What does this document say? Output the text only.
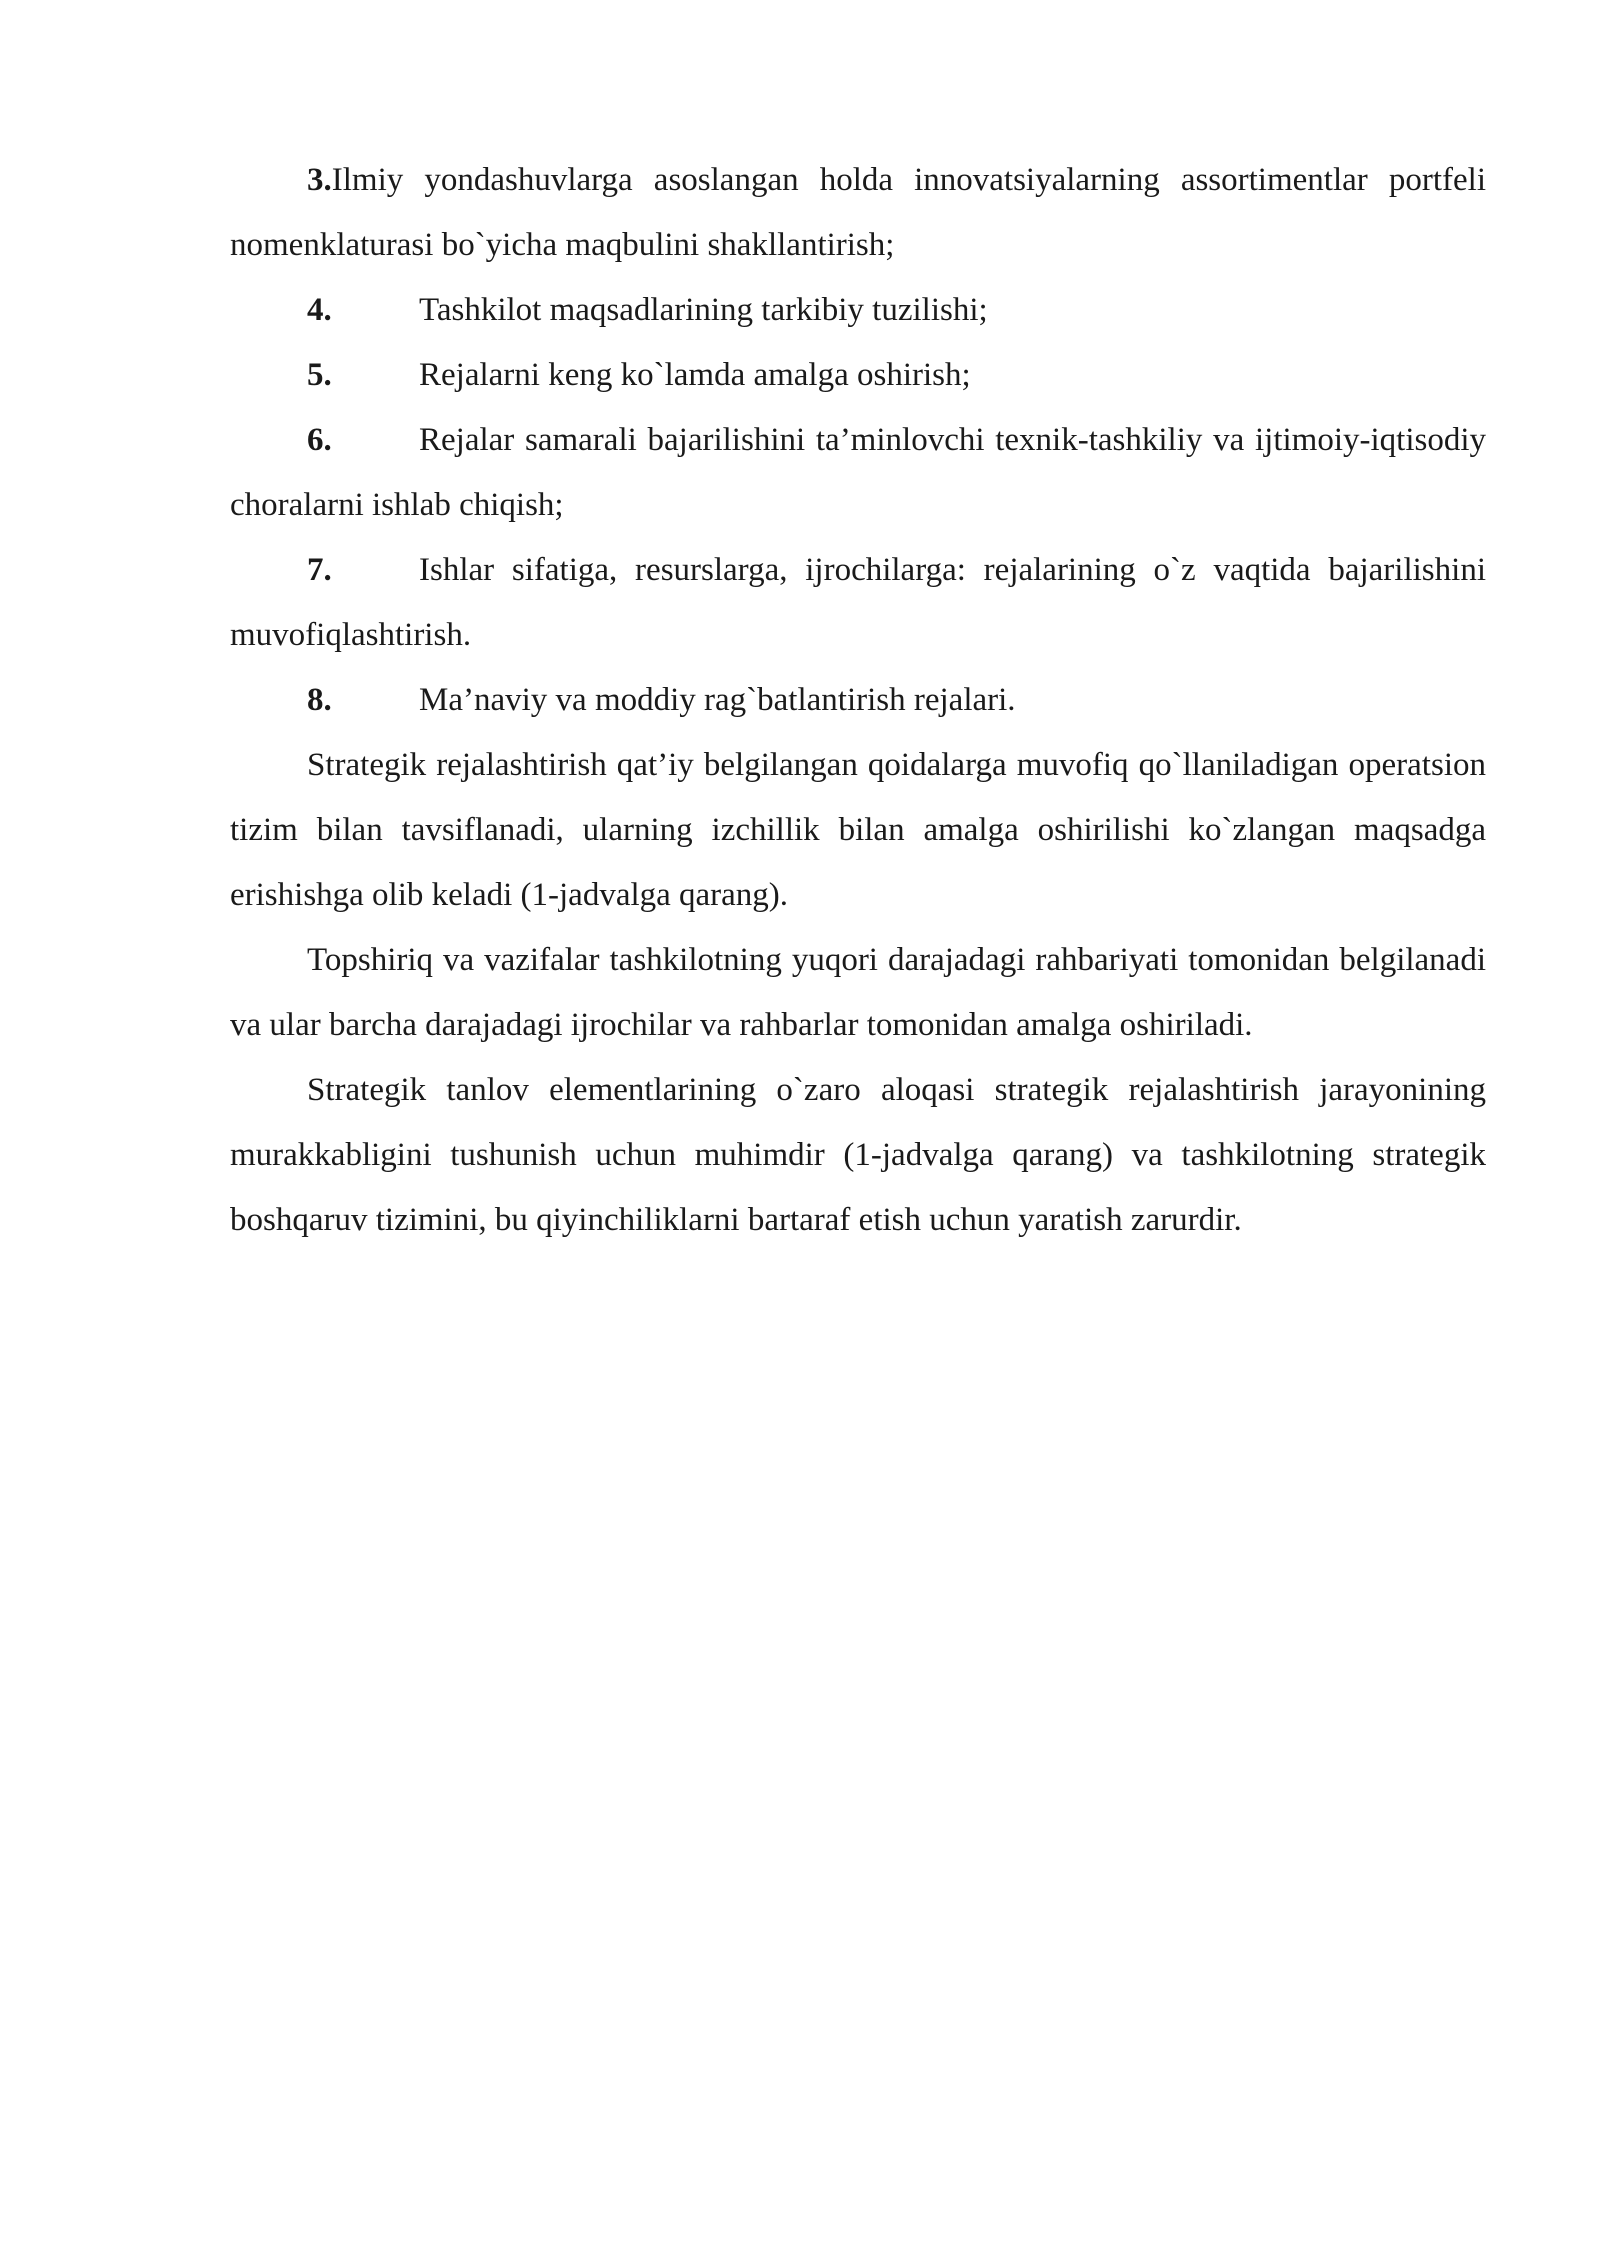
3.Ilmiy yondashuvlarga asoslangan holda innovatsiyalarning assortimentlar portfeli nomenklaturasi bo`yicha maqbulini shakllantirish;

4.	Tashkilot maqsadlarining tarkibiy tuzilishi;

5.	Rejalarni keng ko`lamda amalga oshirish;

6.	Rejalar samarali bajarilishini ta’minlovchi texnik-tashkiliy va ijtimoiy-iqtisodiy choralarni ishlab chiqish;

7.	Ishlar sifatiga, resurslarga, ijrochilarga: rejalarining o`z vaqtida bajarilishini muvofiqlashtirish.

8.	Ma’naviy va moddiy rag`batlantirish rejalari.

Strategik rejalashtirish qat’iy belgilangan qoidalarga muvofiq qo`llaniladigan operatsion tizim bilan tavsiflanadi, ularning izchillik bilan amalga oshirilishi ko`zlangan maqsadga erishishga olib keladi (1-jadvalga qarang).

Topshiriq va vazifalar tashkilotning yuqori darajadagi rahbariyati tomonidan belgilanadi va ular barcha darajadagi ijrochilar va rahbarlar tomonidan amalga oshiriladi.

Strategik tanlov elementlarining o`zaro aloqasi strategik rejalashtirish jarayonining murakkabligini tushunish uchun muhimdir (1-jadvalga qarang) va tashkilotning strategik boshqaruv tizimini, bu qiyinchiliklarni bartaraf etish uchun yaratish zarurdir.
